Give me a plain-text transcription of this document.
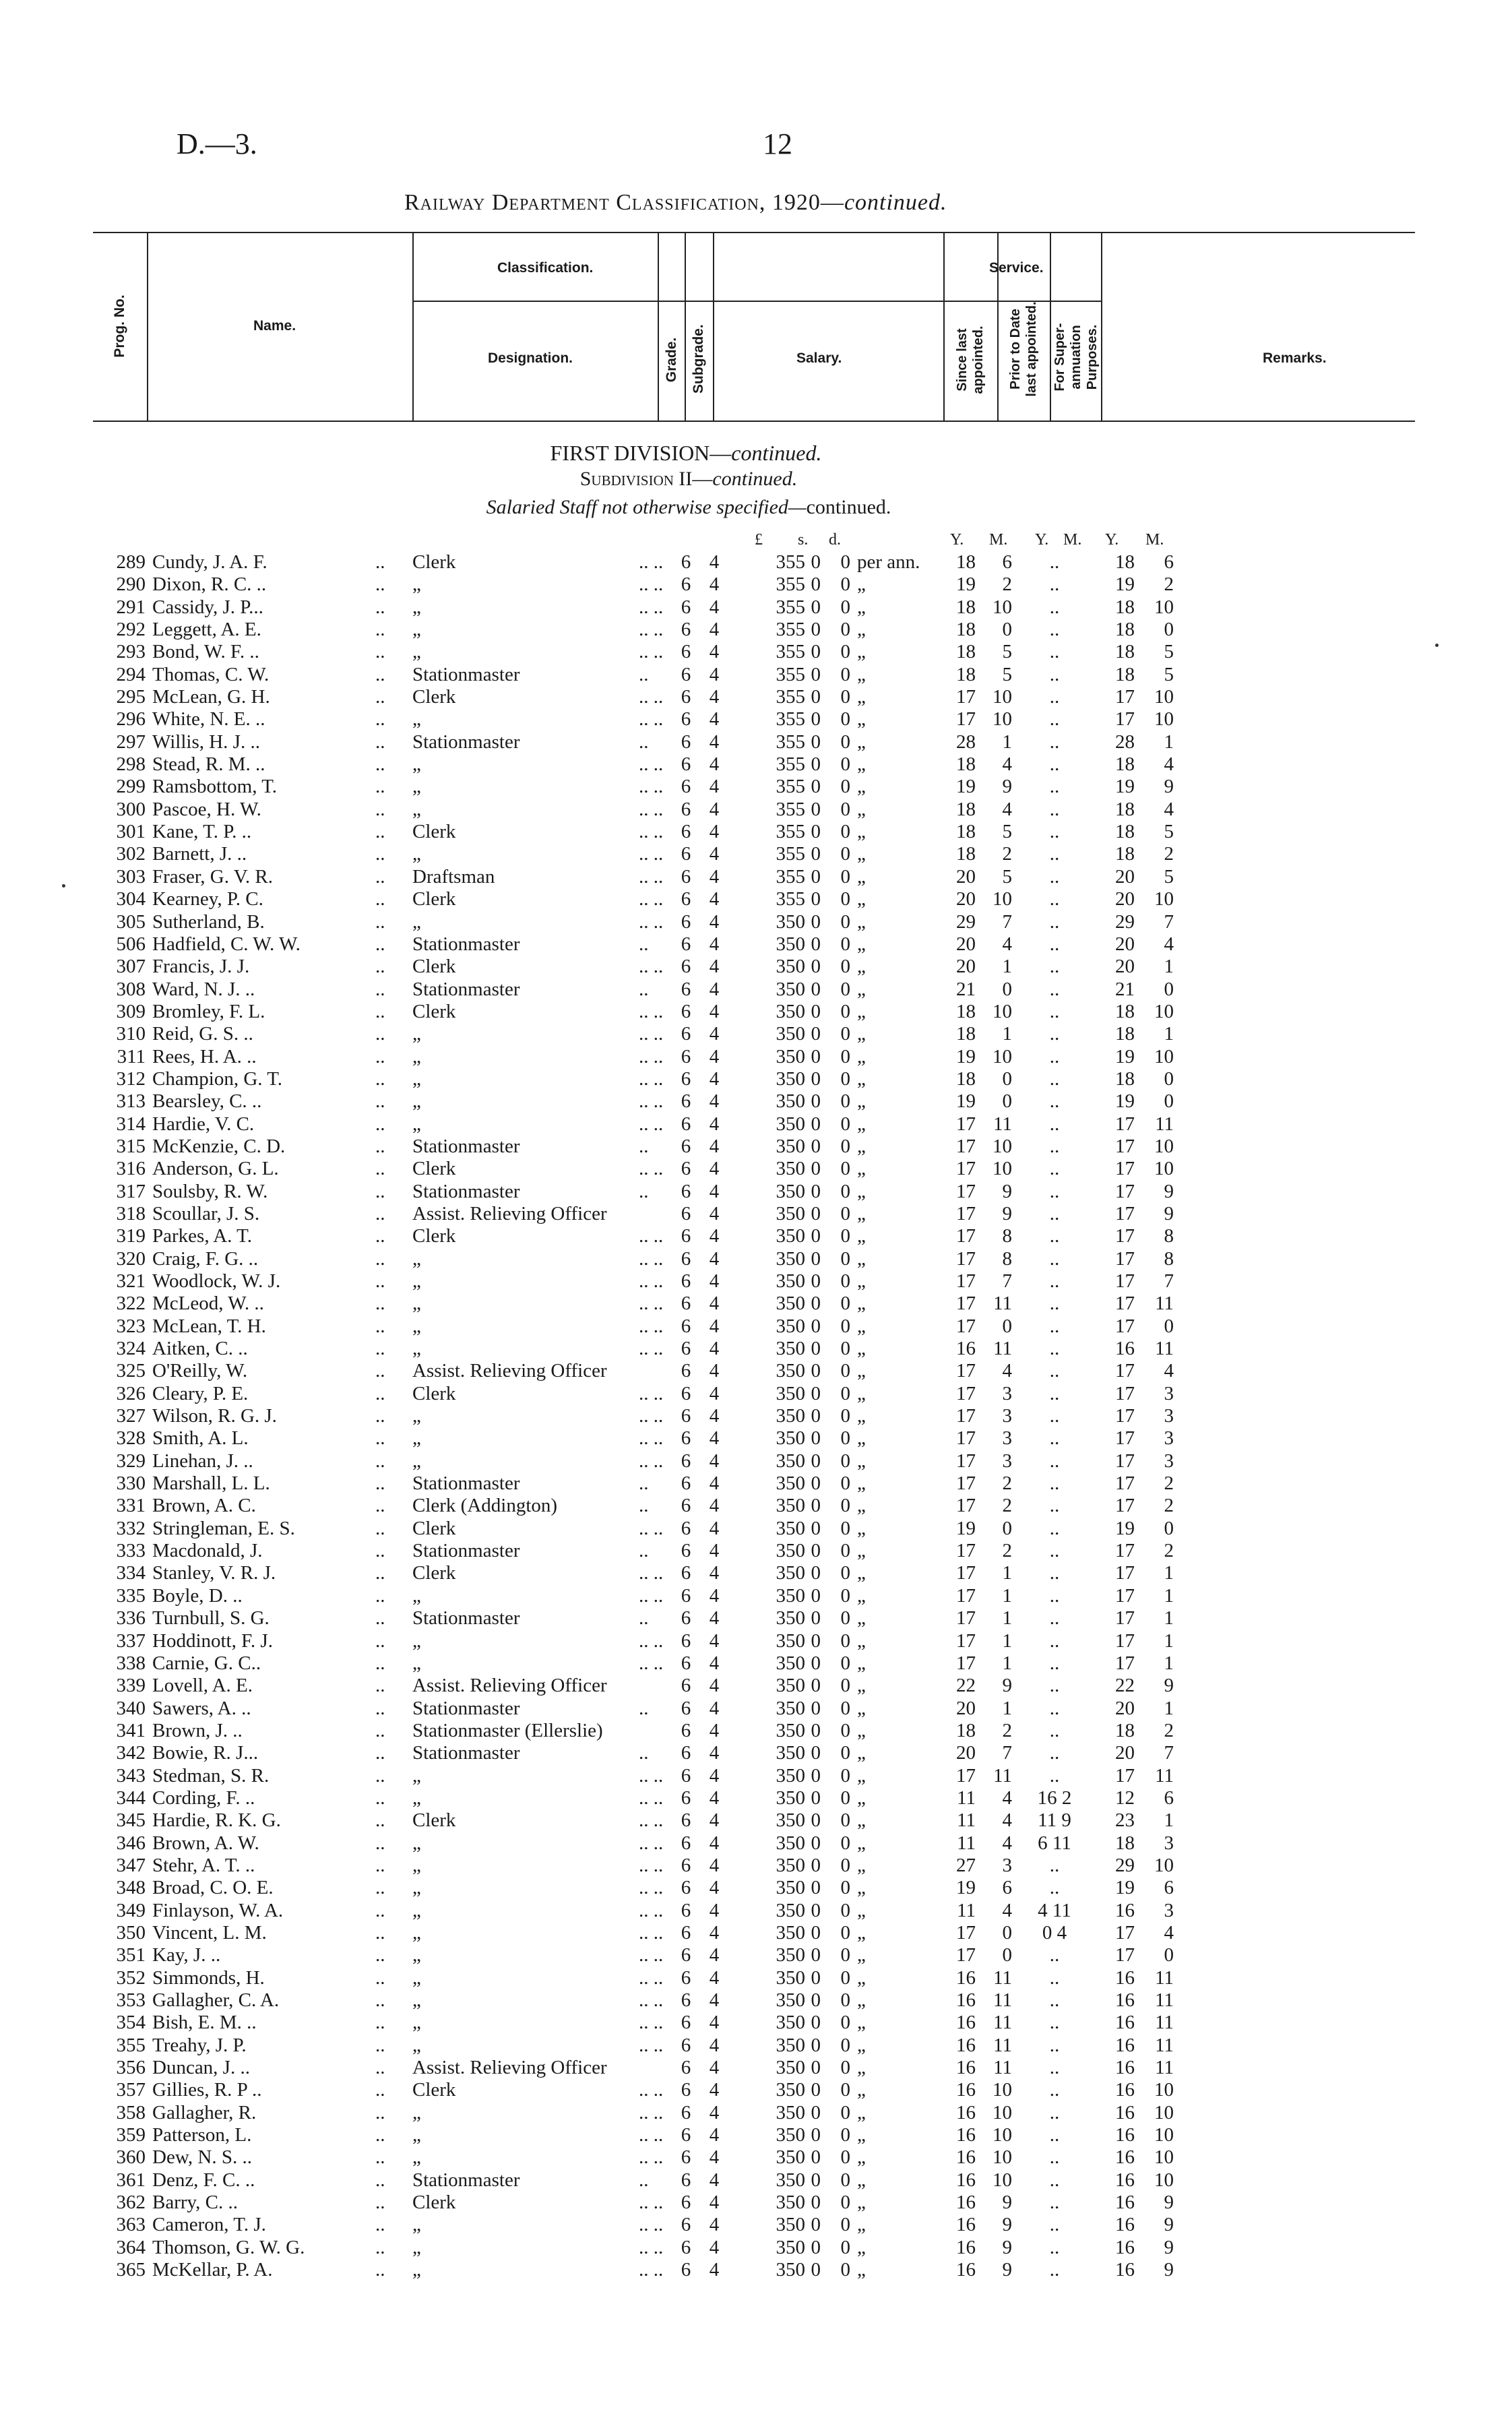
D.—3.	12
Railway Department Classification, 1920—continued.
Prog. No.	Name.
Classification.	Service.
Designation.	Grade. Subgrade.	Salary.	Since last appointed. Prior to Date last appointed. For Super-annuation Purposes.	Remarks.
FIRST DIVISION—continued.
Subdivision II—continued.
Salaried Staff not otherwise specified—continued.
£ s. d.	Y. M. Y. M. Y. M.
289 Cundy, J. A. F.	.. Clerk	.. .. 6 4	355 0	0 per ann.	18	6	..	18	6
290 Dixon, R. C. ..	.. „	.. .. 6 4	355 0	0 „	19	2	..	19	2
291 Cassidy, J. P...	.. „	.. .. 6 4	355 0	0 „	18 10	..	18	10
292 Leggett, A. E.	.. „	.. .. 6 4	355 0	0 „	18	0	..	18	0
293 Bond, W. F. ..	.. „	.. .. 6 4	355 0	0 „	18	5	..	18	5
294 Thomas, C. W.	.. Stationmaster	.. 6 4	355 0	0 „	18	5	..	18	5
295 McLean, G. H.	.. Clerk	.. .. 6 4	355 0	0 „	17 10	..	17	10
296 White, N. E. ..	.. „	.. .. 6 4	355 0	0 „	17 10	..	17	10
297 Willis, H. J. ..	.. Stationmaster	.. 6 4	355 0	0 „	28	1	..	28	1
298 Stead, R. M. ..	.. „	.. .. 6 4	355 0	0 „	18	4	..	18	4
299 Ramsbottom, T.	.. „	.. .. 6 4	355 0	0 „	19	9	..	19	9
300 Pascoe, H. W.	.. „	.. .. 6 4	355 0	0 „	18	4	..	18	4
301 Kane, T. P. ..	.. Clerk	.. .. 6 4	355 0	0 „	18	5	..	18	5
302 Barnett, J. ..	.. „	.. .. 6 4	355 0	0 „	18	2	..	18	2
303 Fraser, G. V. R.	.. Draftsman	.. .. 6 4	355 0	0 „	20	5	..	20	5
304 Kearney, P. C.	.. Clerk	.. .. 6 4	355 0	0 „	20 10	..	20	10
305 Sutherland, B.	.. „	.. .. 6 4	350 0	0 „	29	7	..	29	7
506 Hadfield, C. W. W.	.. Stationmaster	.. 6 4	350 0	0 „	20	4	..	20	4
307 Francis, J. J.	.. Clerk	.. .. 6 4	350 0	0 „	20	1	..	20	1
308 Ward, N. J. ..	.. Stationmaster	.. 6 4	350 0	0 „	21	0	..	21	0
309 Bromley, F. L.	.. Clerk	.. .. 6 4	350 0	0 „	18 10	..	18	10
310 Reid, G. S. ..	.. „	.. .. 6 4	350 0	0 „	18	1	..	18	1
311 Rees, H. A. ..	.. „	.. .. 6 4	350 0	0 „	19 10	..	19	10
312 Champion, G. T.	.. „	.. .. 6 4	350 0	0 „	18	0	..	18	0
313 Bearsley, C. ..	.. „	.. .. 6 4	350 0	0 „	19	0	..	19	0
314 Hardie, V. C.	.. „	.. .. 6 4	350 0	0 „	17 11	..	17	11
315 McKenzie, C. D.	.. Stationmaster	.. 6 4	350 0	0 „	17 10	..	17	10
316 Anderson, G. L.	.. Clerk	.. .. 6 4	350 0	0 „	17 10	..	17	10
317 Soulsby, R. W.	.. Stationmaster	.. 6 4	350 0	0 „	17	9	..	17	9
318 Scoullar, J. S.	.. Assist. Relieving Officer	6 4	350 0	0 „	17	9	..	17	9
319 Parkes, A. T.	.. Clerk	.. .. 6 4	350 0	0 „	17	8	..	17	8
320 Craig, F. G. ..	.. „	.. .. 6 4	350 0	0 „	17	8	..	17	8
321 Woodlock, W. J.	.. „	.. .. 6 4	350 0	0 „	17	7	..	17	7
322 McLeod, W. ..	.. „	.. .. 6 4	350 0	0 „	17 11	..	17	11
323 McLean, T. H.	.. „	.. .. 6 4	350 0	0 „	17	0	..	17	0
324 Aitken, C. ..	.. „	.. .. 6 4	350 0	0 „	16 11	..	16	11
325 O'Reilly, W.	.. Assist. Relieving Officer	6 4	350 0	0 „	17	4	..	17	4
326 Cleary, P. E.	.. Clerk	.. .. 6 4	350 0	0 „	17	3	..	17	3
327 Wilson, R. G. J.	.. „	.. .. 6 4	350 0	0 „	17	3	..	17	3
328 Smith, A. L.	.. „	.. .. 6 4	350 0	0 „	17	3	..	17	3
329 Linehan, J. ..	.. „	.. .. 6 4	350 0	0 „	17	3	..	17	3
330 Marshall, L. L.	.. Stationmaster	.. 6 4	350 0	0 „	17	2	..	17	2
331 Brown, A. C.	.. Clerk (Addington)	.. 6 4	350 0	0 „	17	2	..	17	2
332 Stringleman, E. S.	.. Clerk	.. .. 6 4	350 0	0 „	19	0	..	19	0
333 Macdonald, J.	.. Stationmaster	.. 6 4	350 0	0 „	17	2	..	17	2
334 Stanley, V. R. J.	.. Clerk	.. .. 6 4	350 0	0 „	17	1	..	17	1
335 Boyle, D. ..	.. „	.. .. 6 4	350 0	0 „	17	1	..	17	1
336 Turnbull, S. G.	.. Stationmaster	.. 6 4	350 0	0 „	17	1	..	17	1
337 Hoddinott, F. J.	.. „	.. .. 6 4	350 0	0 „	17	1	..	17	1
338 Carnie, G. C..	.. „	.. .. 6 4	350 0	0 „	17	1	..	17	1
339 Lovell, A. E.	.. Assist. Relieving Officer	6 4	350 0	0 „	22	9	..	22	9
340 Sawers, A. ..	.. Stationmaster	.. 6 4	350 0	0 „	20	1	..	20	1
341 Brown, J. ..	.. Stationmaster (Ellerslie)	6 4	350 0	0 „	18	2	..	18	2
342 Bowie, R. J...	.. Stationmaster	.. 6 4	350 0	0 „	20	7	..	20	7
343 Stedman, S. R.	.. „	.. .. 6 4	350 0	0 „	17 11	..	17	11
344 Cording, F. ..	.. „	.. .. 6 4	350 0	0 „	11	4	16 2	12	6
345 Hardie, R. K. G.	.. Clerk	.. .. 6 4	350 0	0 „	11	4	11 9	23	1
346 Brown, A. W.	.. „	.. .. 6 4	350 0	0 „	11	4	6 11	18	3
347 Stehr, A. T. ..	.. „	.. .. 6 4	350 0	0 „	27	3	..	29	10
348 Broad, C. O. E.	.. „	.. .. 6 4	350 0	0 „	19	6	..	19	6
349 Finlayson, W. A.	.. „	.. .. 6 4	350 0	0 „	11	4	4 11	16	3
350 Vincent, L. M.	.. „	.. .. 6 4	350 0	0 „	17	0	0 4	17	4
351 Kay, J. ..	.. „	.. .. 6 4	350 0	0 „	17	0	..	17	0
352 Simmonds, H.	.. „	.. .. 6 4	350 0	0 „	16 11	..	16	11
353 Gallagher, C. A.	.. „	.. .. 6 4	350 0	0 „	16 11	..	16	11
354 Bish, E. M. ..	.. „	.. .. 6 4	350 0	0 „	16 11	..	16	11
355 Treahy, J. P.	.. „	.. .. 6 4	350 0	0 „	16 11	..	16	11
356 Duncan, J. ..	.. Assist. Relieving Officer	6 4	350 0	0 „	16 11	..	16	11
357 Gillies, R. P ..	.. Clerk	.. .. 6 4	350 0	0 „	16 10	..	16	10
358 Gallagher, R.	.. „	.. .. 6 4	350 0	0 „	16 10	..	16	10
359 Patterson, L.	.. „	.. .. 6 4	350 0	0 „	16 10	..	16	10
360 Dew, N. S. ..	.. „	.. .. 6 4	350 0	0 „	16 10	..	16	10
361 Denz, F. C. ..	.. Stationmaster	.. 6 4	350 0	0 „	16 10	..	16	10
362 Barry, C. ..	.. Clerk	.. .. 6 4	350 0	0 „	16	9	..	16	9
363 Cameron, T. J.	.. „	.. .. 6 4	350 0	0 „	16	9	..	16	9
364 Thomson, G. W. G.	.. „	.. .. 6 4	350 0	0 „	16	9	..	16	9
365 McKellar, P. A.	.. „	.. .. 6 4	350 0	0 „	16	9	..	16	9
